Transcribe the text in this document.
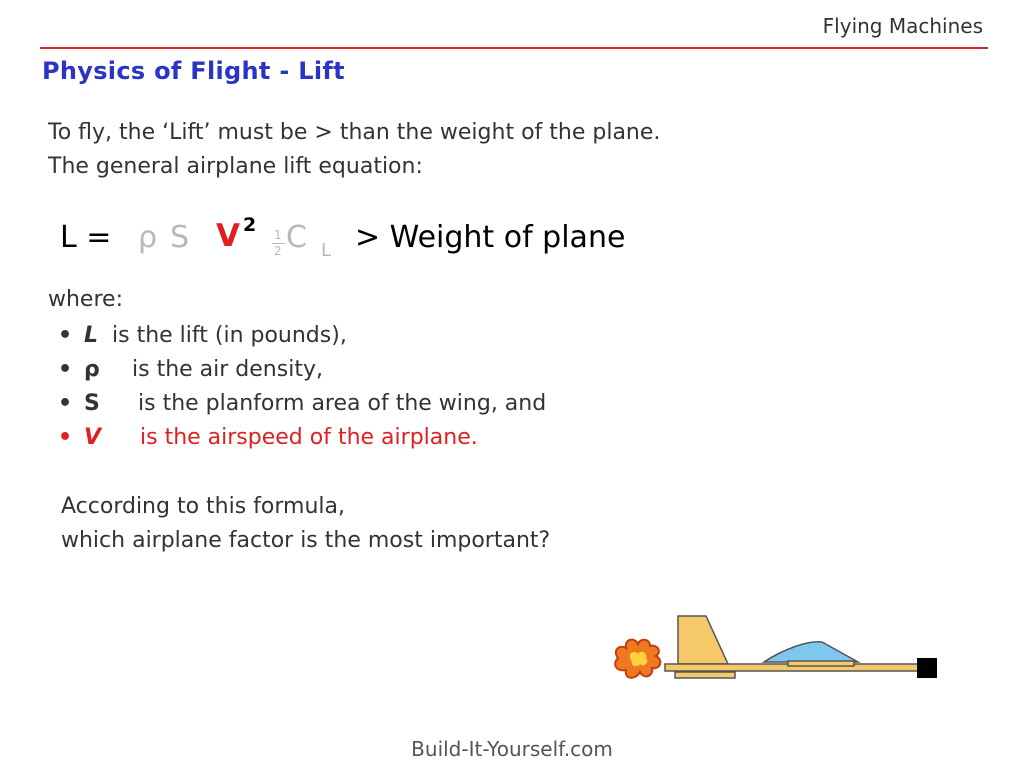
Flying Machines
Physics of Flight - Lift
To fly, the ‘Lift’ must be > than the weight of the plane.
The general airplane lift equation:
L = ρ S V 2 1
2 C L > Weight of plane
where:
• L is the lift (in pounds),
• ρ is the air density,
• S is the planform area of the wing, and
• V is the airspeed of the airplane.
According to this formula,
which airplane factor is the most important?
Build-It-Yourself.com
